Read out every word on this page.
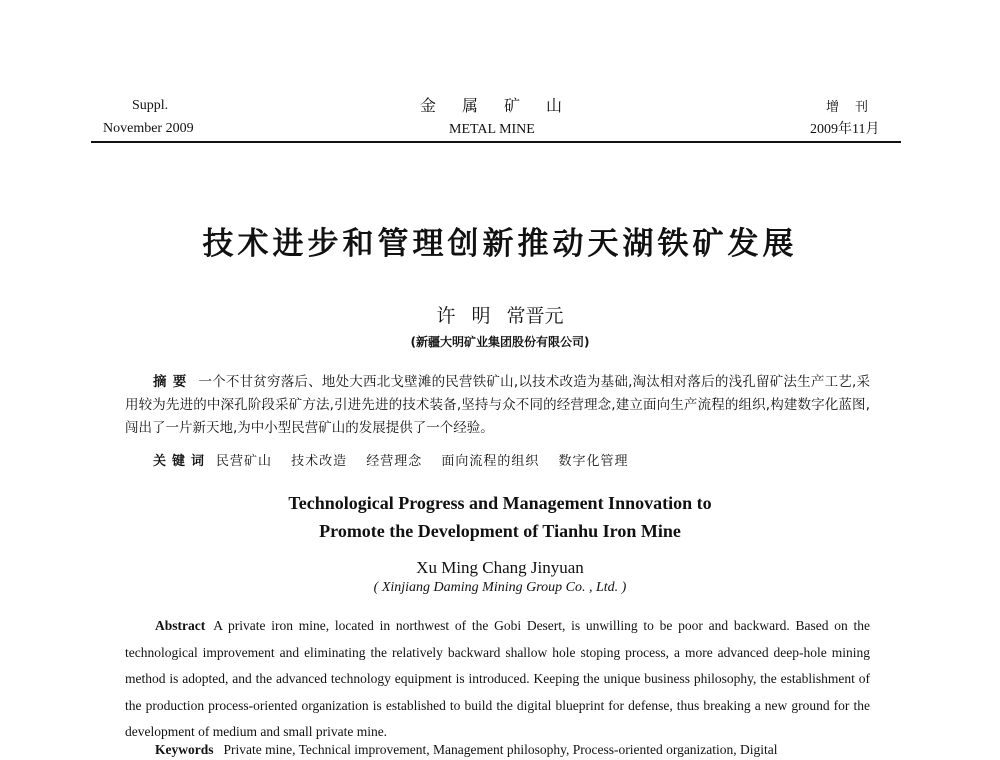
Suppl.
November 2009
金属矿山
METAL MINE
增刊
2009年11月
技术进步和管理创新推动天湖铁矿发展
许 明 常晋元
(新疆大明矿业集团股份有限公司)
摘要 一个不甘贫穷落后、地处大西北戈壁滩的民营铁矿山,以技术改造为基础,淘汰相对落后的浅孔留矿法生产工艺,采用较为先进的中深孔阶段采矿方法,引进先进的技术装备,坚持与众不同的经营理念,建立面向生产流程的组织,构建数字化蓝图,闯出了一片新天地,为中小型民营矿山的发展提供了一个经验。
关键词 民营矿山 技术改造 经营理念 面向流程的组织 数字化管理
Technological Progress and Management Innovation to
Promote the Development of Tianhu Iron Mine
Xu Ming Chang Jinyuan
( Xinjiang Daming Mining Group Co. , Ltd. )
Abstract A private iron mine, located in northwest of the Gobi Desert, is unwilling to be poor and backward. Based on the technological improvement and eliminating the relatively backward shallow hole stoping process, a more advanced deep-hole mining method is adopted, and the advanced technology equipment is introduced. Keeping the unique business philosophy, the establishment of the production process-oriented organization is established to build the digital blueprint for defense, thus breaking a new ground for the development of medium and small private mine.
Keywords Private mine, Technical improvement, Management philosophy, Process-oriented organization, Digital
